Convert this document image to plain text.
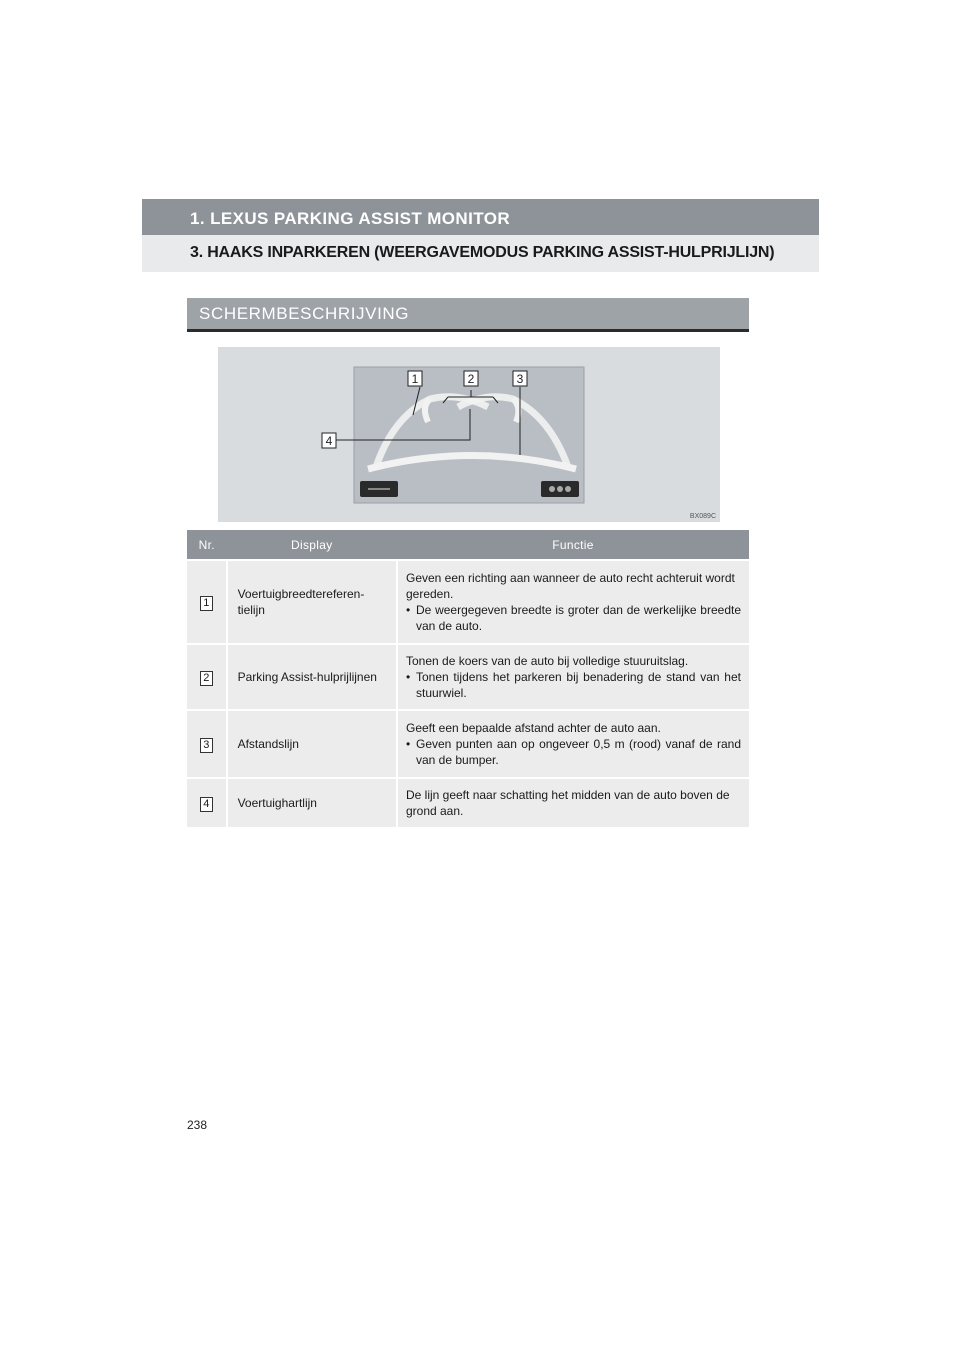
1. LEXUS PARKING ASSIST MONITOR
3. HAAKS INPARKEREN (WEERGAVEMODUS PARKING ASSIST-HULPRIJLIJN)
SCHERMBESCHRIJVING
1	2	3
4
BX089C
Nr.	Display	Functie
1	Voertuigbreedtereferen-tielijn	Geven een richting aan wanneer de auto recht achteruit wordt gereden.
• De weergegeven breedte is groter dan de werkelijke breedte van de auto.

2	Parking Assist-hulprijlijnen	Tonen de koers van de auto bij volledige stuuruitslag.
• Tonen tijdens het parkeren bij benadering de stand van het stuurwiel.

3	Afstandslijn	Geeft een bepaalde afstand achter de auto aan.
• Geven punten aan op ongeveer 0,5 m (rood) vanaf de rand van de bumper.

4	Voertuighartlijn	De lijn geeft naar schatting het midden van de auto boven de grond aan.
238
